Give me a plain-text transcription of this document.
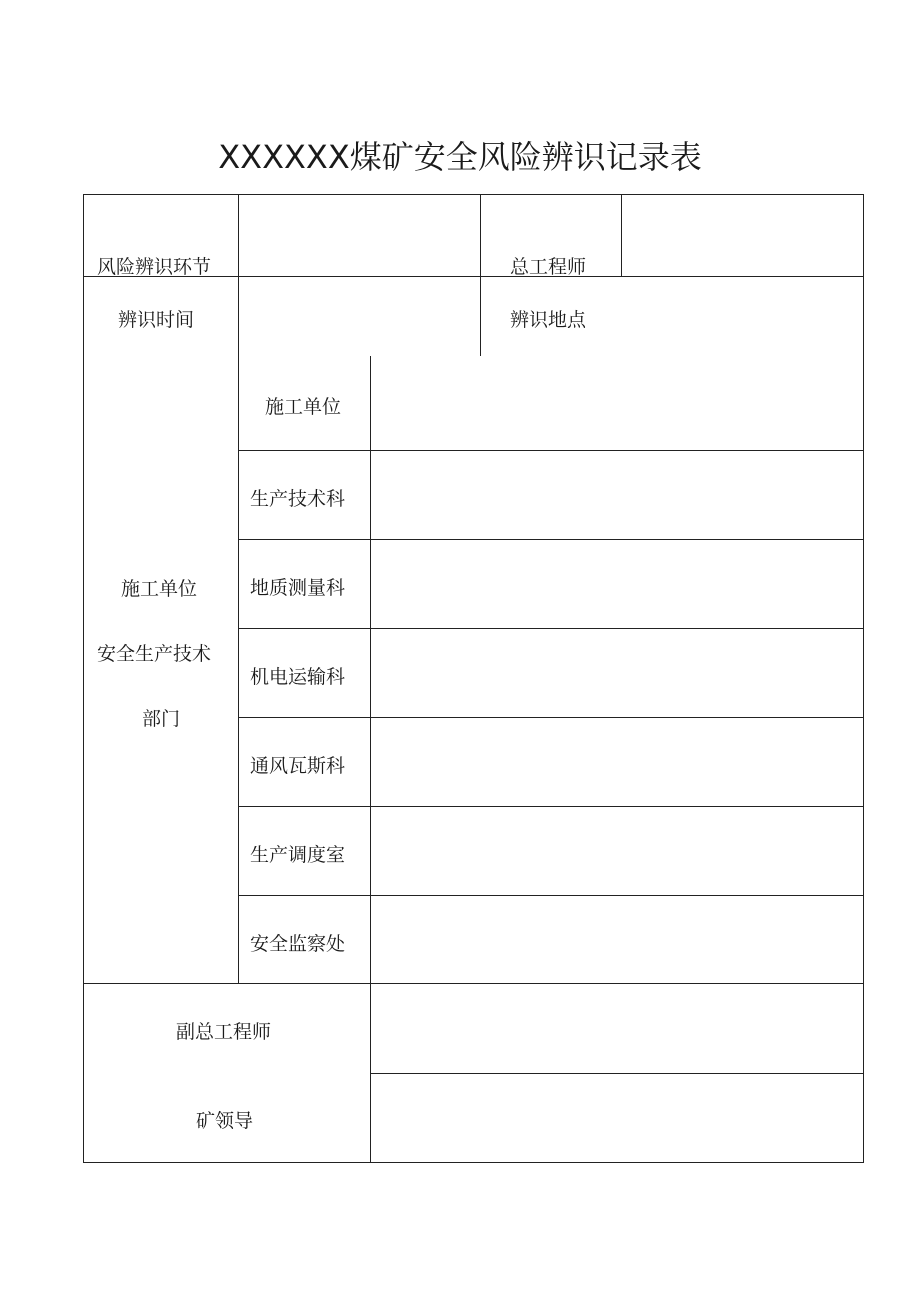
XXXXXX煤矿安全风险辨识记录表
风险辨识环节	总工程师
辨识时间	辨识地点
施工单位
安全生产技术
部门
施工单位
生产技术科
地质测量科
机电运输科
通风瓦斯科
生产调度室
安全监察处
副总工程师
矿领导
